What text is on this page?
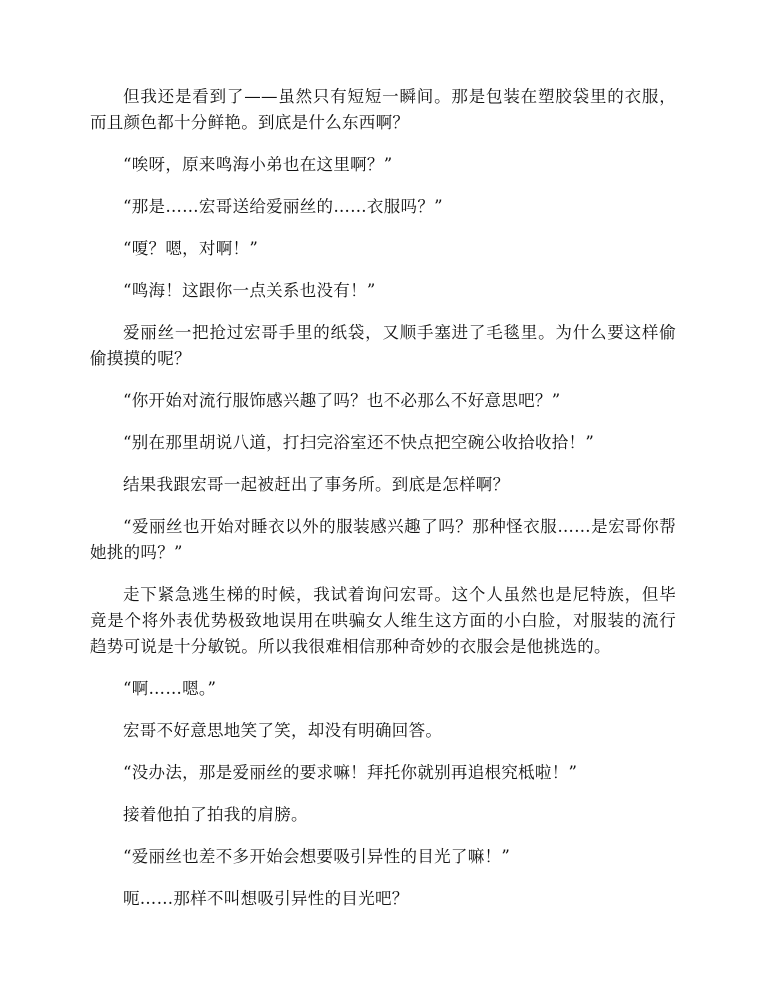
但我还是看到了——虽然只有短短一瞬间。那是包装在塑胶袋里的衣服，而且颜色都十分鲜艳。到底是什么东西啊？

“唉呀，原来鸣海小弟也在这里啊？”

“那是……宏哥送给爱丽丝的……衣服吗？”

“嗄？嗯，对啊！”

“鸣海！这跟你一点关系也没有！”

爱丽丝一把抢过宏哥手里的纸袋，又顺手塞进了毛毯里。为什么要这样偷偷摸摸的呢？

“你开始对流行服饰感兴趣了吗？也不必那么不好意思吧？”

“别在那里胡说八道，打扫完浴室还不快点把空碗公收拾收拾！”

结果我跟宏哥一起被赶出了事务所。到底是怎样啊？

“爱丽丝也开始对睡衣以外的服装感兴趣了吗？那种怪衣服……是宏哥你帮她挑的吗？”

走下紧急逃生梯的时候，我试着询问宏哥。这个人虽然也是尼特族，但毕竟是个将外表优势极致地误用在哄骗女人维生这方面的小白脸，对服装的流行趋势可说是十分敏锐。所以我很难相信那种奇妙的衣服会是他挑选的。

“啊……嗯。”

宏哥不好意思地笑了笑，却没有明确回答。

“没办法，那是爱丽丝的要求嘛！拜托你就别再追根究柢啦！”

接着他拍了拍我的肩膀。

“爱丽丝也差不多开始会想要吸引异性的目光了嘛！”

呃……那样不叫想吸引异性的目光吧？
